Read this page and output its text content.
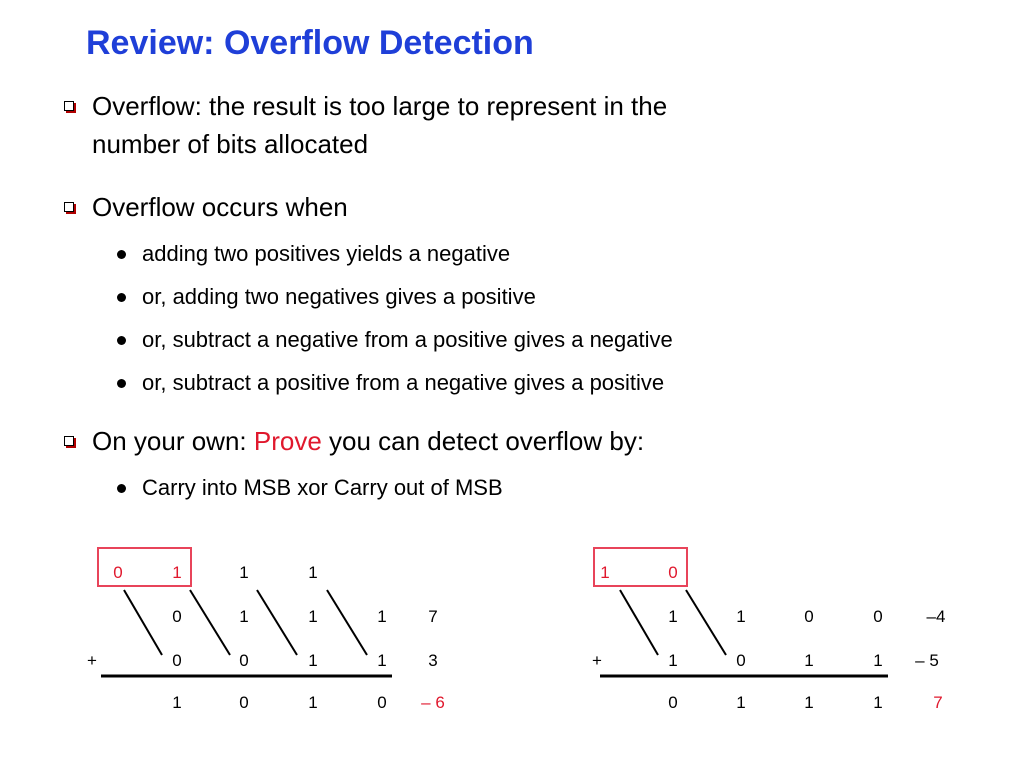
Review: Overflow Detection
Overflow: the result is too large to represent in the
number of bits allocated
Overflow occurs when
adding two positives yields a negative
or, adding two negatives gives a positive
or, subtract a negative from a positive gives a negative
or, subtract a positive from a negative gives a positive
On your own: Prove you can detect overflow by:
Carry into MSB xor Carry out of MSB
0	1	1	1
0	1	1	1 7
+	0	0	1	1 3
1	0	1	0 – 6
1	0
1	1	0	0	–4
+	1	0	1	1 – 5
0	1	1	1	7
